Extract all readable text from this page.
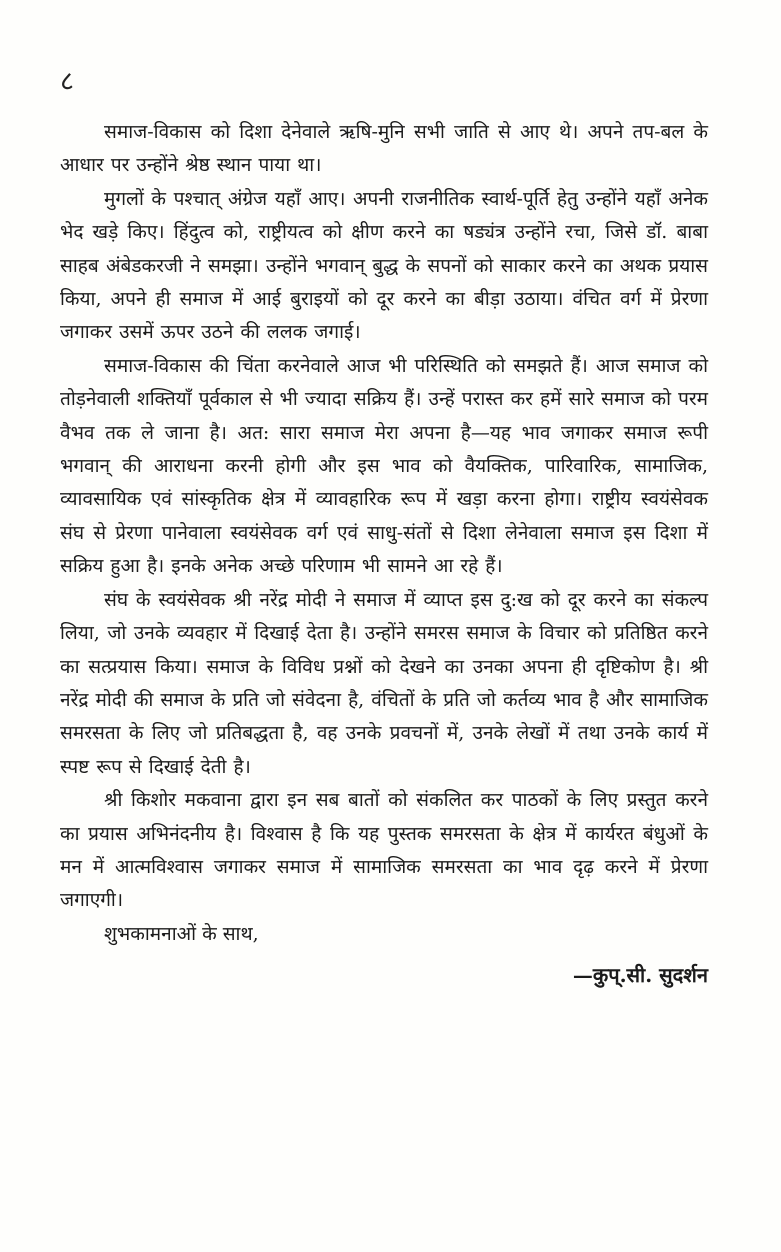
८

समाज-विकास को दिशा देनेवाले ऋषि-मुनि सभी जाति से आए थे। अपने तप-बल के आधार पर उन्होंने श्रेष्ठ स्थान पाया था।

मुगलों के पश्चात् अंग्रेज यहाँ आए। अपनी राजनीतिक स्वार्थ-पूर्ति हेतु उन्होंने यहाँ अनेक भेद खड़े किए। हिंदुत्व को, राष्ट्रीयत्व को क्षीण करने का षड्यंत्र उन्होंने रचा, जिसे डॉ. बाबा साहब अंबेडकरजी ने समझा। उन्होंने भगवान् बुद्ध के सपनों को साकार करने का अथक प्रयास किया, अपने ही समाज में आई बुराइयों को दूर करने का बीड़ा उठाया। वंचित वर्ग में प्रेरणा जगाकर उसमें ऊपर उठने की ललक जगाई।

समाज-विकास की चिंता करनेवाले आज भी परिस्थिति को समझते हैं। आज समाज को तोड़नेवाली शक्तियाँ पूर्वकाल से भी ज्यादा सक्रिय हैं। उन्हें परास्त कर हमें सारे समाज को परम वैभव तक ले जाना है। अत: सारा समाज मेरा अपना है—यह भाव जगाकर समाज रूपी भगवान् की आराधना करनी होगी और इस भाव को वैयक्तिक, पारिवारिक, सामाजिक, व्यावसायिक एवं सांस्कृतिक क्षेत्र में व्यावहारिक रूप में खड़ा करना होगा। राष्ट्रीय स्वयंसेवक संघ से प्रेरणा पानेवाला स्वयंसेवक वर्ग एवं साधु-संतों से दिशा लेनेवाला समाज इस दिशा में सक्रिय हुआ है। इनके अनेक अच्छे परिणाम भी सामने आ रहे हैं।

संघ के स्वयंसेवक श्री नरेंद्र मोदी ने समाज में व्याप्त इस दु:ख को दूर करने का संकल्प लिया, जो उनके व्यवहार में दिखाई देता है। उन्होंने समरस समाज के विचार को प्रतिष्ठित करने का सत्प्रयास किया। समाज के विविध प्रश्नों को देखने का उनका अपना ही दृष्टिकोण है। श्री नरेंद्र मोदी की समाज के प्रति जो संवेदना है, वंचितों के प्रति जो कर्तव्य भाव है और सामाजिक समरसता के लिए जो प्रतिबद्धता है, वह उनके प्रवचनों में, उनके लेखों में तथा उनके कार्य में स्पष्ट रूप से दिखाई देती है।

श्री किशोर मकवाना द्वारा इन सब बातों को संकलित कर पाठकों के लिए प्रस्तुत करने का प्रयास अभिनंदनीय है। विश्वास है कि यह पुस्तक समरसता के क्षेत्र में कार्यरत बंधुओं के मन में आत्मविश्वास जगाकर समाज में सामाजिक समरसता का भाव दृढ़ करने में प्रेरणा जगाएगी।

शुभकामनाओं के साथ,

—कुप्.सी. सुदर्शन
